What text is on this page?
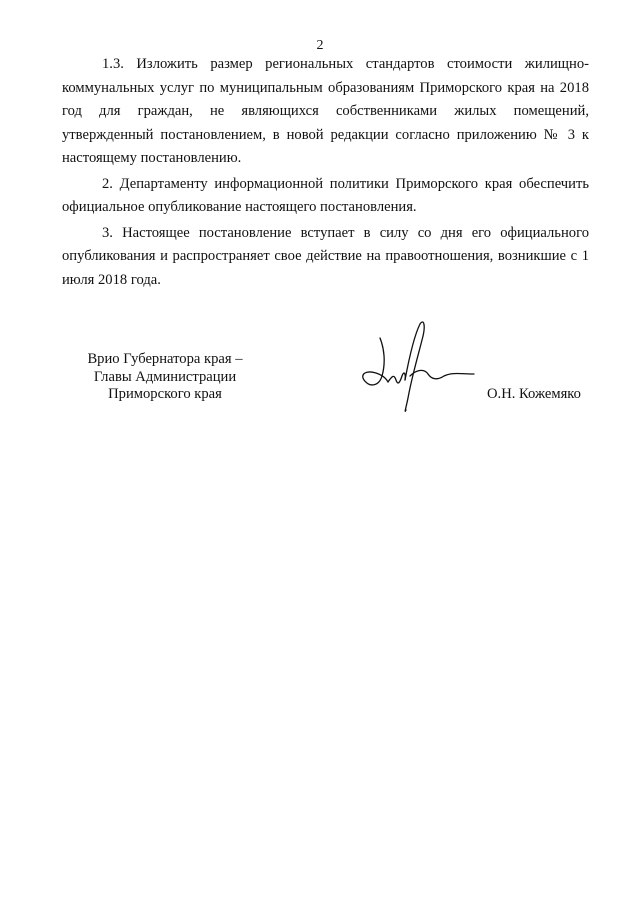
2

1.3. Изложить размер региональных стандартов стоимости жилищно-коммунальных услуг по муниципальным образованиям Приморского края на 2018 год для граждан, не являющихся собственниками жилых помещений, утвержденный постановлением, в новой редакции согласно приложению № 3 к настоящему постановлению.

2. Департаменту информационной политики Приморского края обеспечить официальное опубликование настоящего постановления.

3. Настоящее постановление вступает в силу со дня его официального опубликования и распространяет свое действие на правоотношения, возникшие с 1 июля 2018 года.

Врио Губернатора края –
Главы Администрации
Приморского края	О.Н. Кожемяко
